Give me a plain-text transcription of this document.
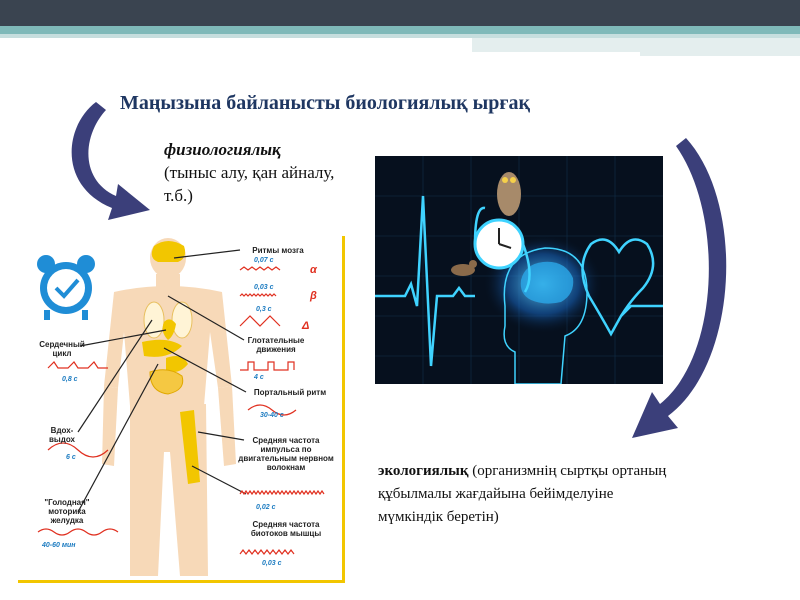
Маңызына байланысты биологиялық ырғақ
физиологиялық
(тыныс алу, қан айналу, т.б.)
Ритмы мозга
0,07 с
α
0,03 с
β
0,3 с
Δ
Глотательные движения
4 с
Портальный ритм
30-40 с
Средняя частота импульса по двигательным нервном волокнам
0,02 с
Средняя частота биотоков мышцы
0,03 с
Сердечный цикл
0,8 с
Вдох-выдох
6 с
"Голодная" моторика желудка
40-60 мин
экологиялық (организмнің сыртқы ортаның құбылмалы жағдайына бейімделуіне мүмкіндік беретін)
